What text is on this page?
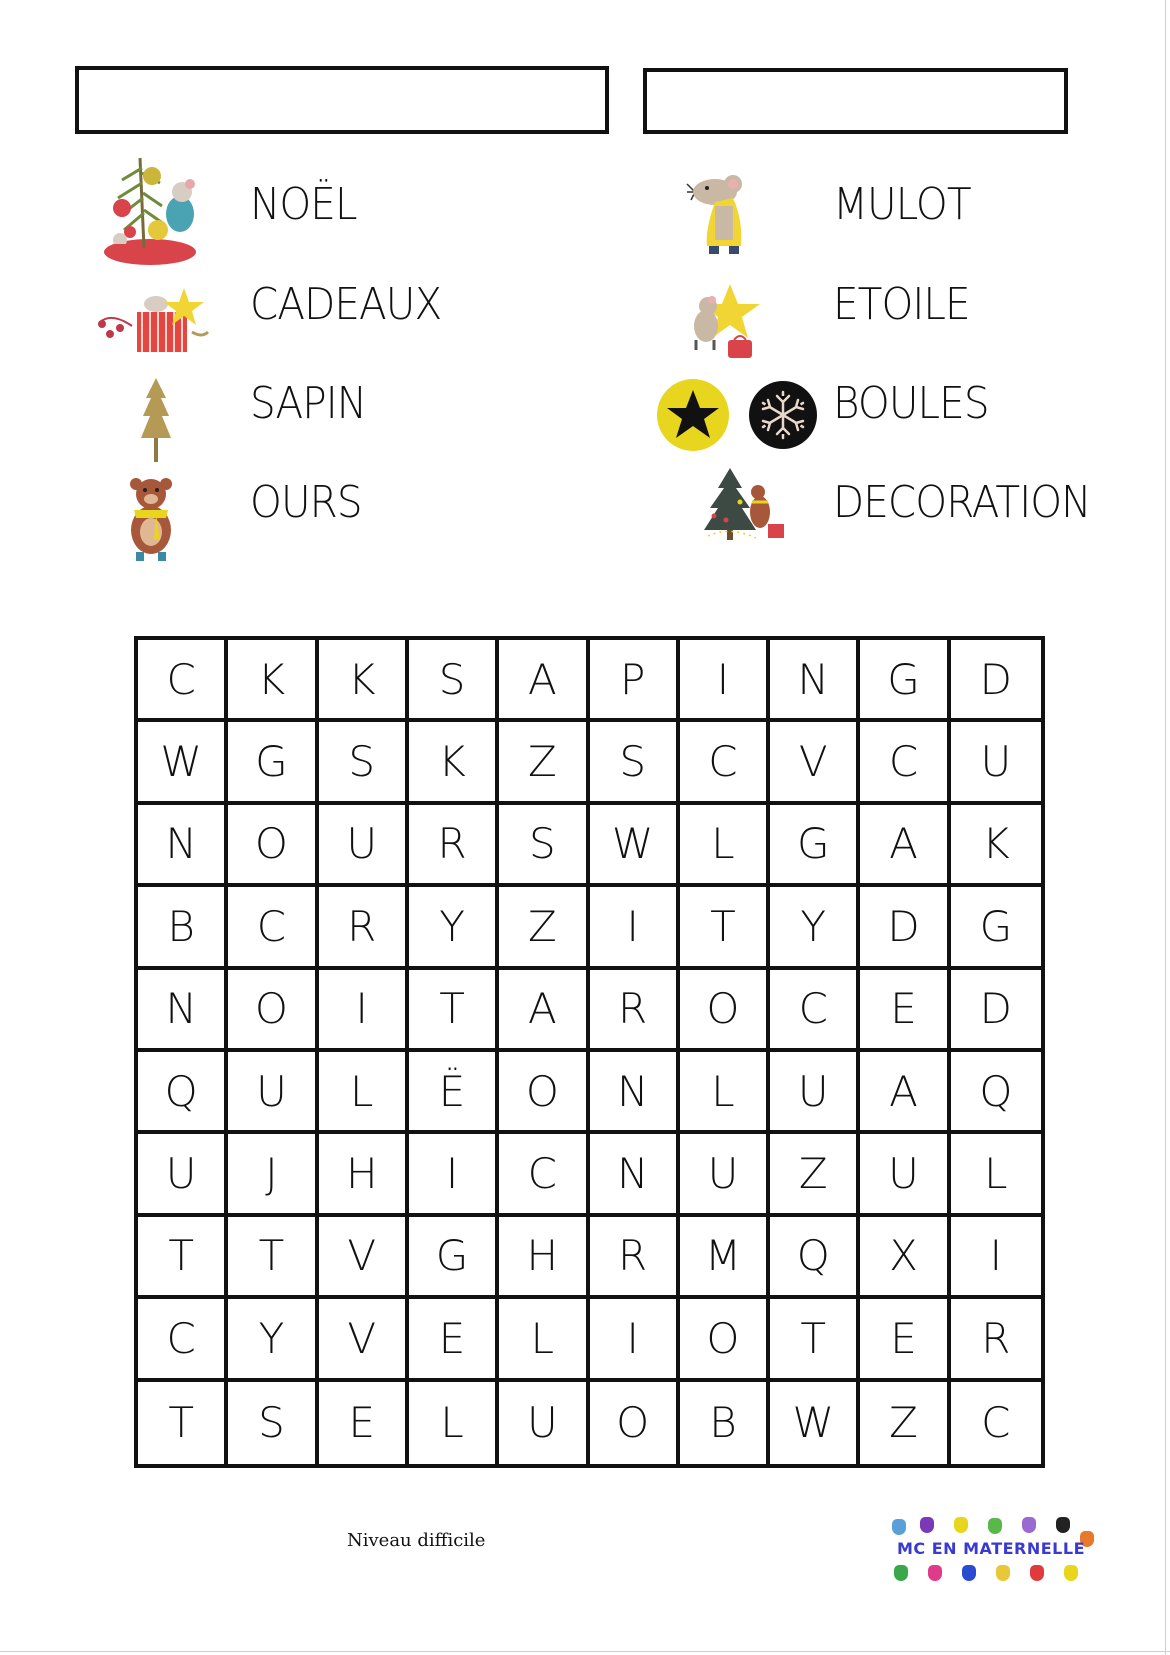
NOËL
CADEAUX
SAPIN
OURS
MULOT
ETOILE
BOULES
DECORATION
C	K	K	S	A	P	I	N	G	D
W	G	S	K	Z	S	C	V	C	U
N	O	U	R	S	W	L	G	A	K
B	C	R	Y	Z	I	T	Y	D	G
N	O	I	T	A	R	O	C	E	D
Q	U	L	Ë	O	N	L	U	A	Q
U	J	H	I	C	N	U	Z	U	L
T	T	V	G	H	R	M	Q	X	I
C	Y	V	E	L	I	O	T	E	R
T	S	E	L	U	O	B	W	Z	C
Niveau difficile	MC EN MATERNELLE
